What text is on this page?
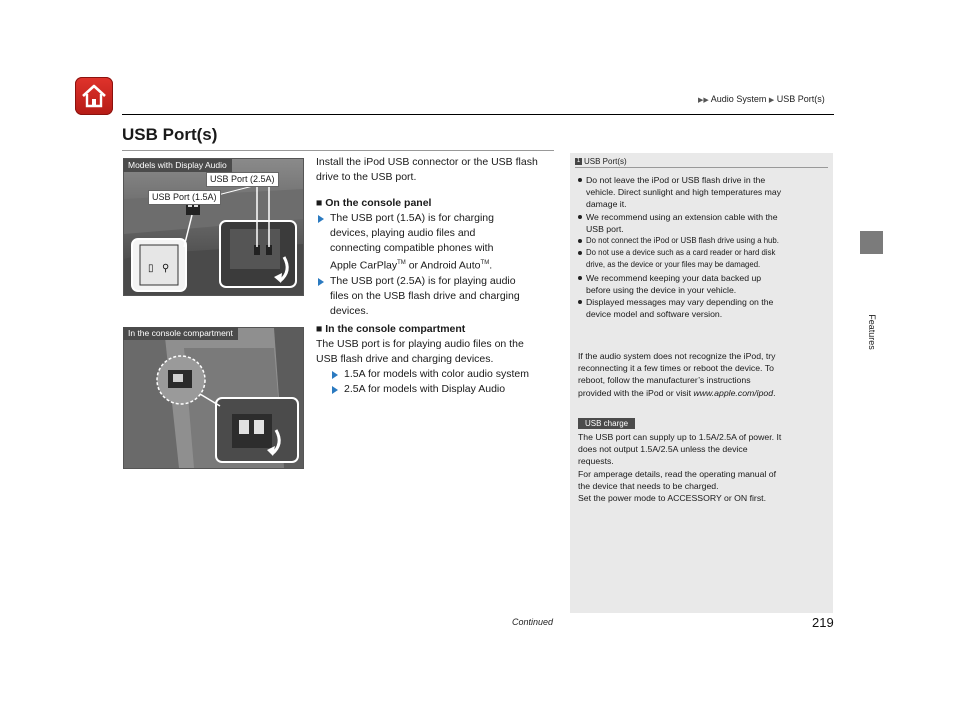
▶▶ Audio System ▶ USB Port(s)
USB Port(s)
Features
▯ ⚲
Models with Display Audio
USB Port (2.5A)
USB Port (1.5A)
In the console compartment
Install the iPod USB connector or the USB flash drive to the USB port.
■ On the console panel
The USB port (1.5A) is for charging
devices, playing audio files and
connecting compatible phones with
Apple CarPlay™ or Android Auto™.
The USB port (2.5A) is for playing audio
files on the USB flash drive and charging
devices.
■ In the console compartment
The USB port is for playing audio files on the
USB flash drive and charging devices.
1.5A for models with color audio system
2.5A for models with Display Audio
1 USB Port(s)
Do not leave the iPod or USB flash drive in the
vehicle. Direct sunlight and high temperatures may
damage it.
We recommend using an extension cable with the
USB port.
Do not connect the iPod or USB flash drive using a hub.
Do not use a device such as a card reader or hard disk
drive, as the device or your files may be damaged.
We recommend keeping your data backed up
before using the device in your vehicle.
Displayed messages may vary depending on the
device model and software version.
If the audio system does not recognize the iPod, try
reconnecting it a few times or reboot the device. To
reboot, follow the manufacturer’s instructions
provided with the iPod or visit www.apple.com/ipod.
USB charge
The USB port can supply up to 1.5A/2.5A of power. It
does not output 1.5A/2.5A unless the device
requests.
For amperage details, read the operating manual of
the device that needs to be charged.
Set the power mode to ACCESSORY or ON first.
Continued	219
